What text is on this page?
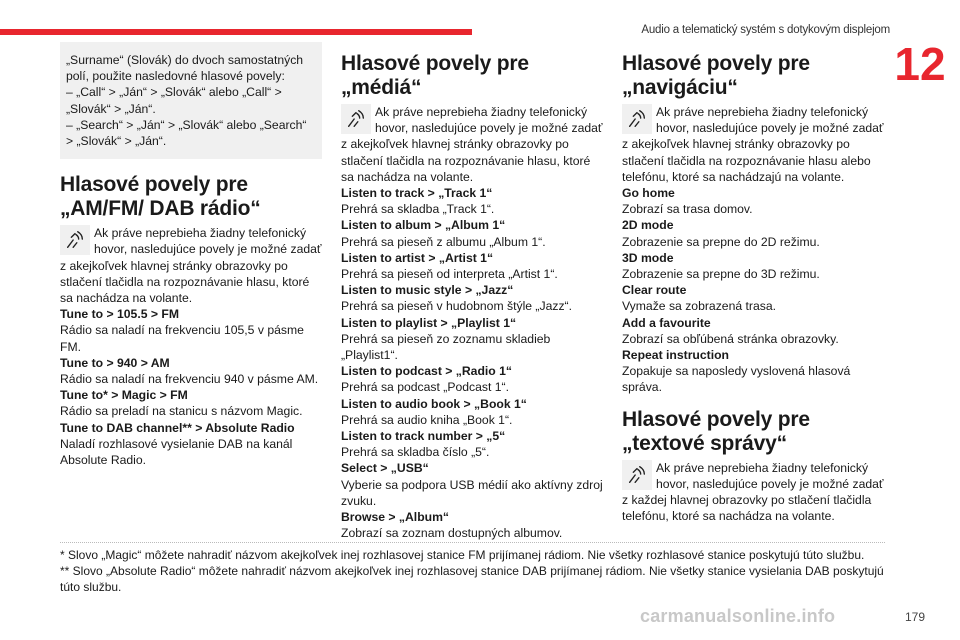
Audio a telematický systém s dotykovým displejom
12

„Surname“ (Slovák) do dvoch samostatných

polí, použite nasledovné hlasové povely:

– „Call“ > „Ján“ > „Slovák“ alebo „Call“ >

„Slovák“ > „Ján“.

– „Search“ > „Ján“ > „Slovák“ alebo „Search“

> „Slovák“ > „Ján“.

Hlasové povely pre „AM/FM/ DAB rádio“
Ak práve neprebieha žiadny telefonický hovor, nasledujúce povely je možné zadať z akejkoľvek hlavnej stránky obrazovky po stlačení tlačidla na rozpoznávanie hlasu, ktoré sa nachádza na volante.

Tune to > 105.5 > FM

Rádio sa naladí na frekvenciu 105,5 v pásme FM.

Tune to > 940 > AM

Rádio sa naladí na frekvenciu 940 v pásme AM.

Tune to* > Magic > FM

Rádio sa preladí na stanicu s názvom Magic.

Tune to DAB channel** > Absolute Radio

Naladí rozhlasové vysielanie DAB na kanál Absolute Radio.

Hlasové povely pre „médiá“
Ak práve neprebieha žiadny telefonický hovor, nasledujúce povely je možné zadať z akejkoľvek hlavnej stránky obrazovky po stlačení tlačidla na rozpoznávanie hlasu, ktoré sa nachádza na volante.

Listen to track > „Track 1“

Prehrá sa skladba „Track 1“.

Listen to album > „Album 1“

Prehrá sa pieseň z albumu „Album 1“.

Listen to artist > „Artist 1“

Prehrá sa pieseň od interpreta „Artist 1“.

Listen to music style > „Jazz“

Prehrá sa pieseň v hudobnom štýle „Jazz“.

Listen to playlist > „Playlist 1“

Prehrá sa pieseň zo zoznamu skladieb „Playlist1“.

Listen to podcast > „Radio 1“

Prehrá sa podcast „Podcast 1“.

Listen to audio book > „Book 1“

Prehrá sa audio kniha „Book 1“.

Listen to track number > „5“

Prehrá sa skladba číslo „5“.

Select > „USB“

Vyberie sa podpora USB médií ako aktívny zdroj zvuku.

Browse > „Album“

Zobrazí sa zoznam dostupných albumov.

Hlasové povely pre „navigáciu“
Ak práve neprebieha žiadny telefonický hovor, nasledujúce povely je možné zadať z akejkoľvek hlavnej stránky obrazovky po stlačení tlačidla na rozpoznávanie hlasu alebo telefónu, ktoré sa nachádzajú na volante.

Go home

Zobrazí sa trasa domov.

2D mode

Zobrazenie sa prepne do 2D režimu.

3D mode

Zobrazenie sa prepne do 3D režimu.

Clear route

Vymaže sa zobrazená trasa.

Add a favourite

Zobrazí sa obľúbená stránka obrazovky.

Repeat instruction

Zopakuje sa naposledy vyslovená hlasová správa.

Hlasové povely pre „textové správy“
Ak práve neprebieha žiadny telefonický hovor, nasledujúce povely je možné zadať z každej hlavnej obrazovky po stlačení tlačidla telefónu, ktoré sa nachádza na volante.

* Slovo „Magic“ môžete nahradiť názvom akejkoľvek inej rozhlasovej stanice FM prijímanej rádiom. Nie všetky rozhlasové stanice poskytujú túto službu.

** Slovo „Absolute Radio“ môžete nahradiť názvom akejkoľvek inej rozhlasovej stanice DAB prijímanej rádiom. Nie všetky stanice vysielania DAB poskytujú túto službu.

carmanualsonline.info	179
